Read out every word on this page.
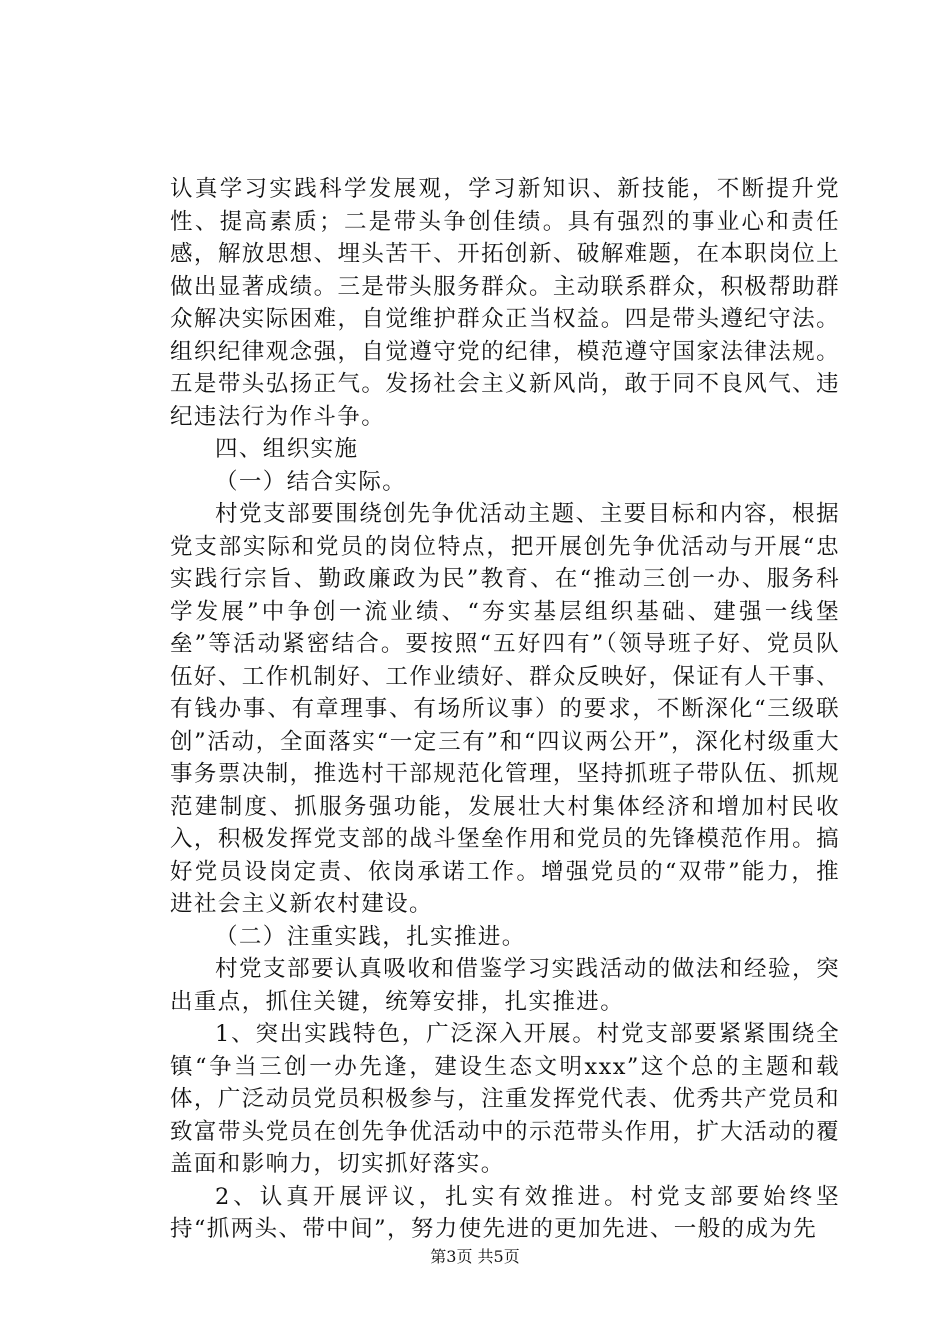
认真学习实践科学发展观，学习新知识、新技能，不断提升党性、提高素质；二是带头争创佳绩。具有强烈的事业心和责任感，解放思想、埋头苦干、开拓创新、破解难题，在本职岗位上做出显著成绩。三是带头服务群众。主动联系群众，积极帮助群众解决实际困难，自觉维护群众正当权益。四是带头遵纪守法。组织纪律观念强，自觉遵守党的纪律，模范遵守国家法律法规。五是带头弘扬正气。发扬社会主义新风尚，敢于同不良风气、违纪违法行为作斗争。

四、组织实施

（一）结合实际。

村党支部要围绕创先争优活动主题、主要目标和内容，根据党支部实际和党员的岗位特点，把开展创先争优活动与开展“忠实践行宗旨、勤政廉政为民”教育、在“推动三创一办、服务科学发展”中争创一流业绩、“夯实基层组织基础、建强一线堡垒”等活动紧密结合。要按照“五好四有”（领导班子好、党员队伍好、工作机制好、工作业绩好、群众反映好，保证有人干事、有钱办事、有章理事、有场所议事）的要求，不断深化“三级联创”活动，全面落实“一定三有”和“四议两公开”，深化村级重大事务票决制，推选村干部规范化管理，坚持抓班子带队伍、抓规范建制度、抓服务强功能，发展壮大村集体经济和增加村民收入，积极发挥党支部的战斗堡垒作用和党员的先锋模范作用。搞好党员设岗定责、依岗承诺工作。增强党员的“双带”能力，推进社会主义新农村建设。

（二）注重实践，扎实推进。

村党支部要认真吸收和借鉴学习实践活动的做法和经验，突出重点，抓住关键，统筹安排，扎实推进。

1、突出实践特色，广泛深入开展。村党支部要紧紧围绕全镇“争当三创一办先逢，建设生态文明xxx”这个总的主题和载体，广泛动员党员积极参与，注重发挥党代表、优秀共产党员和致富带头党员在创先争优活动中的示范带头作用，扩大活动的覆盖面和影响力，切实抓好落实。

2、认真开展评议，扎实有效推进。村党支部要始终坚持“抓两头、带中间”，努力使先进的更加先进、一般的成为先

第3页 共5页
